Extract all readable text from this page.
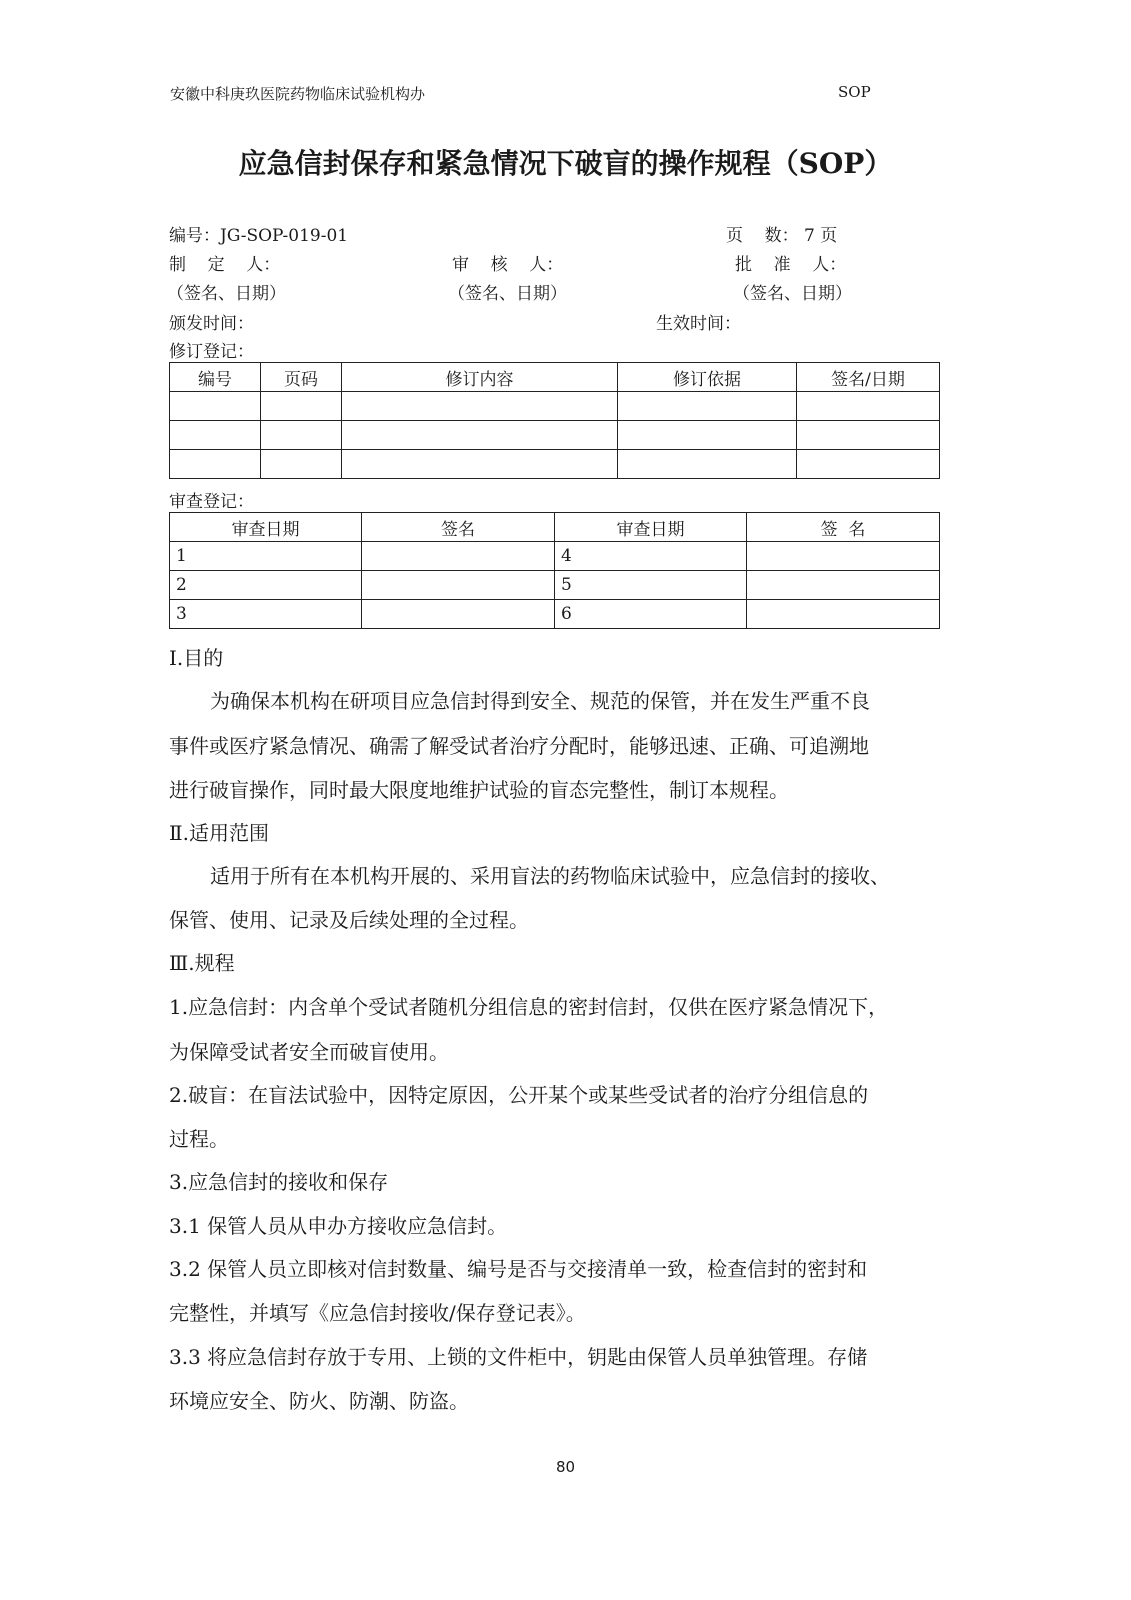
安徽中科庚玖医院药物临床试验机构办	SOP
应急信封保存和紧急情况下破盲的操作规程（SOP）
编号：JG-SOP-019-01	页    数： 7 页
制    定    人：	审    核    人：	批    准    人：
（签名、日期）	（签名、日期）	（签名、日期）
颁发时间：	生效时间：
修订登记：
编号	页码	修订内容	修订依据	签名/日期

审查登记：
审查日期	签名	审查日期	签  名
1		4	
2		5	
3		6	
Ⅰ.目的
为确保本机构在研项目应急信封得到安全、规范的保管，并在发生严重不良
事件或医疗紧急情况、确需了解受试者治疗分配时，能够迅速、正确、可追溯地
进行破盲操作，同时最大限度地维护试验的盲态完整性，制订本规程。
Ⅱ.适用范围
适用于所有在本机构开展的、采用盲法的药物临床试验中，应急信封的接收、
保管、使用、记录及后续处理的全过程。
Ⅲ.规程
1.应急信封：内含单个受试者随机分组信息的密封信封，仅供在医疗紧急情况下，
为保障受试者安全而破盲使用。
2.破盲：在盲法试验中，因特定原因，公开某个或某些受试者的治疗分组信息的
过程。
3.应急信封的接收和保存
3.1 保管人员从申办方接收应急信封。
3.2 保管人员立即核对信封数量、编号是否与交接清单一致，检查信封的密封和
完整性，并填写《应急信封接收/保存登记表》。
3.3 将应急信封存放于专用、上锁的文件柜中，钥匙由保管人员单独管理。存储
环境应安全、防火、防潮、防盗。
80
